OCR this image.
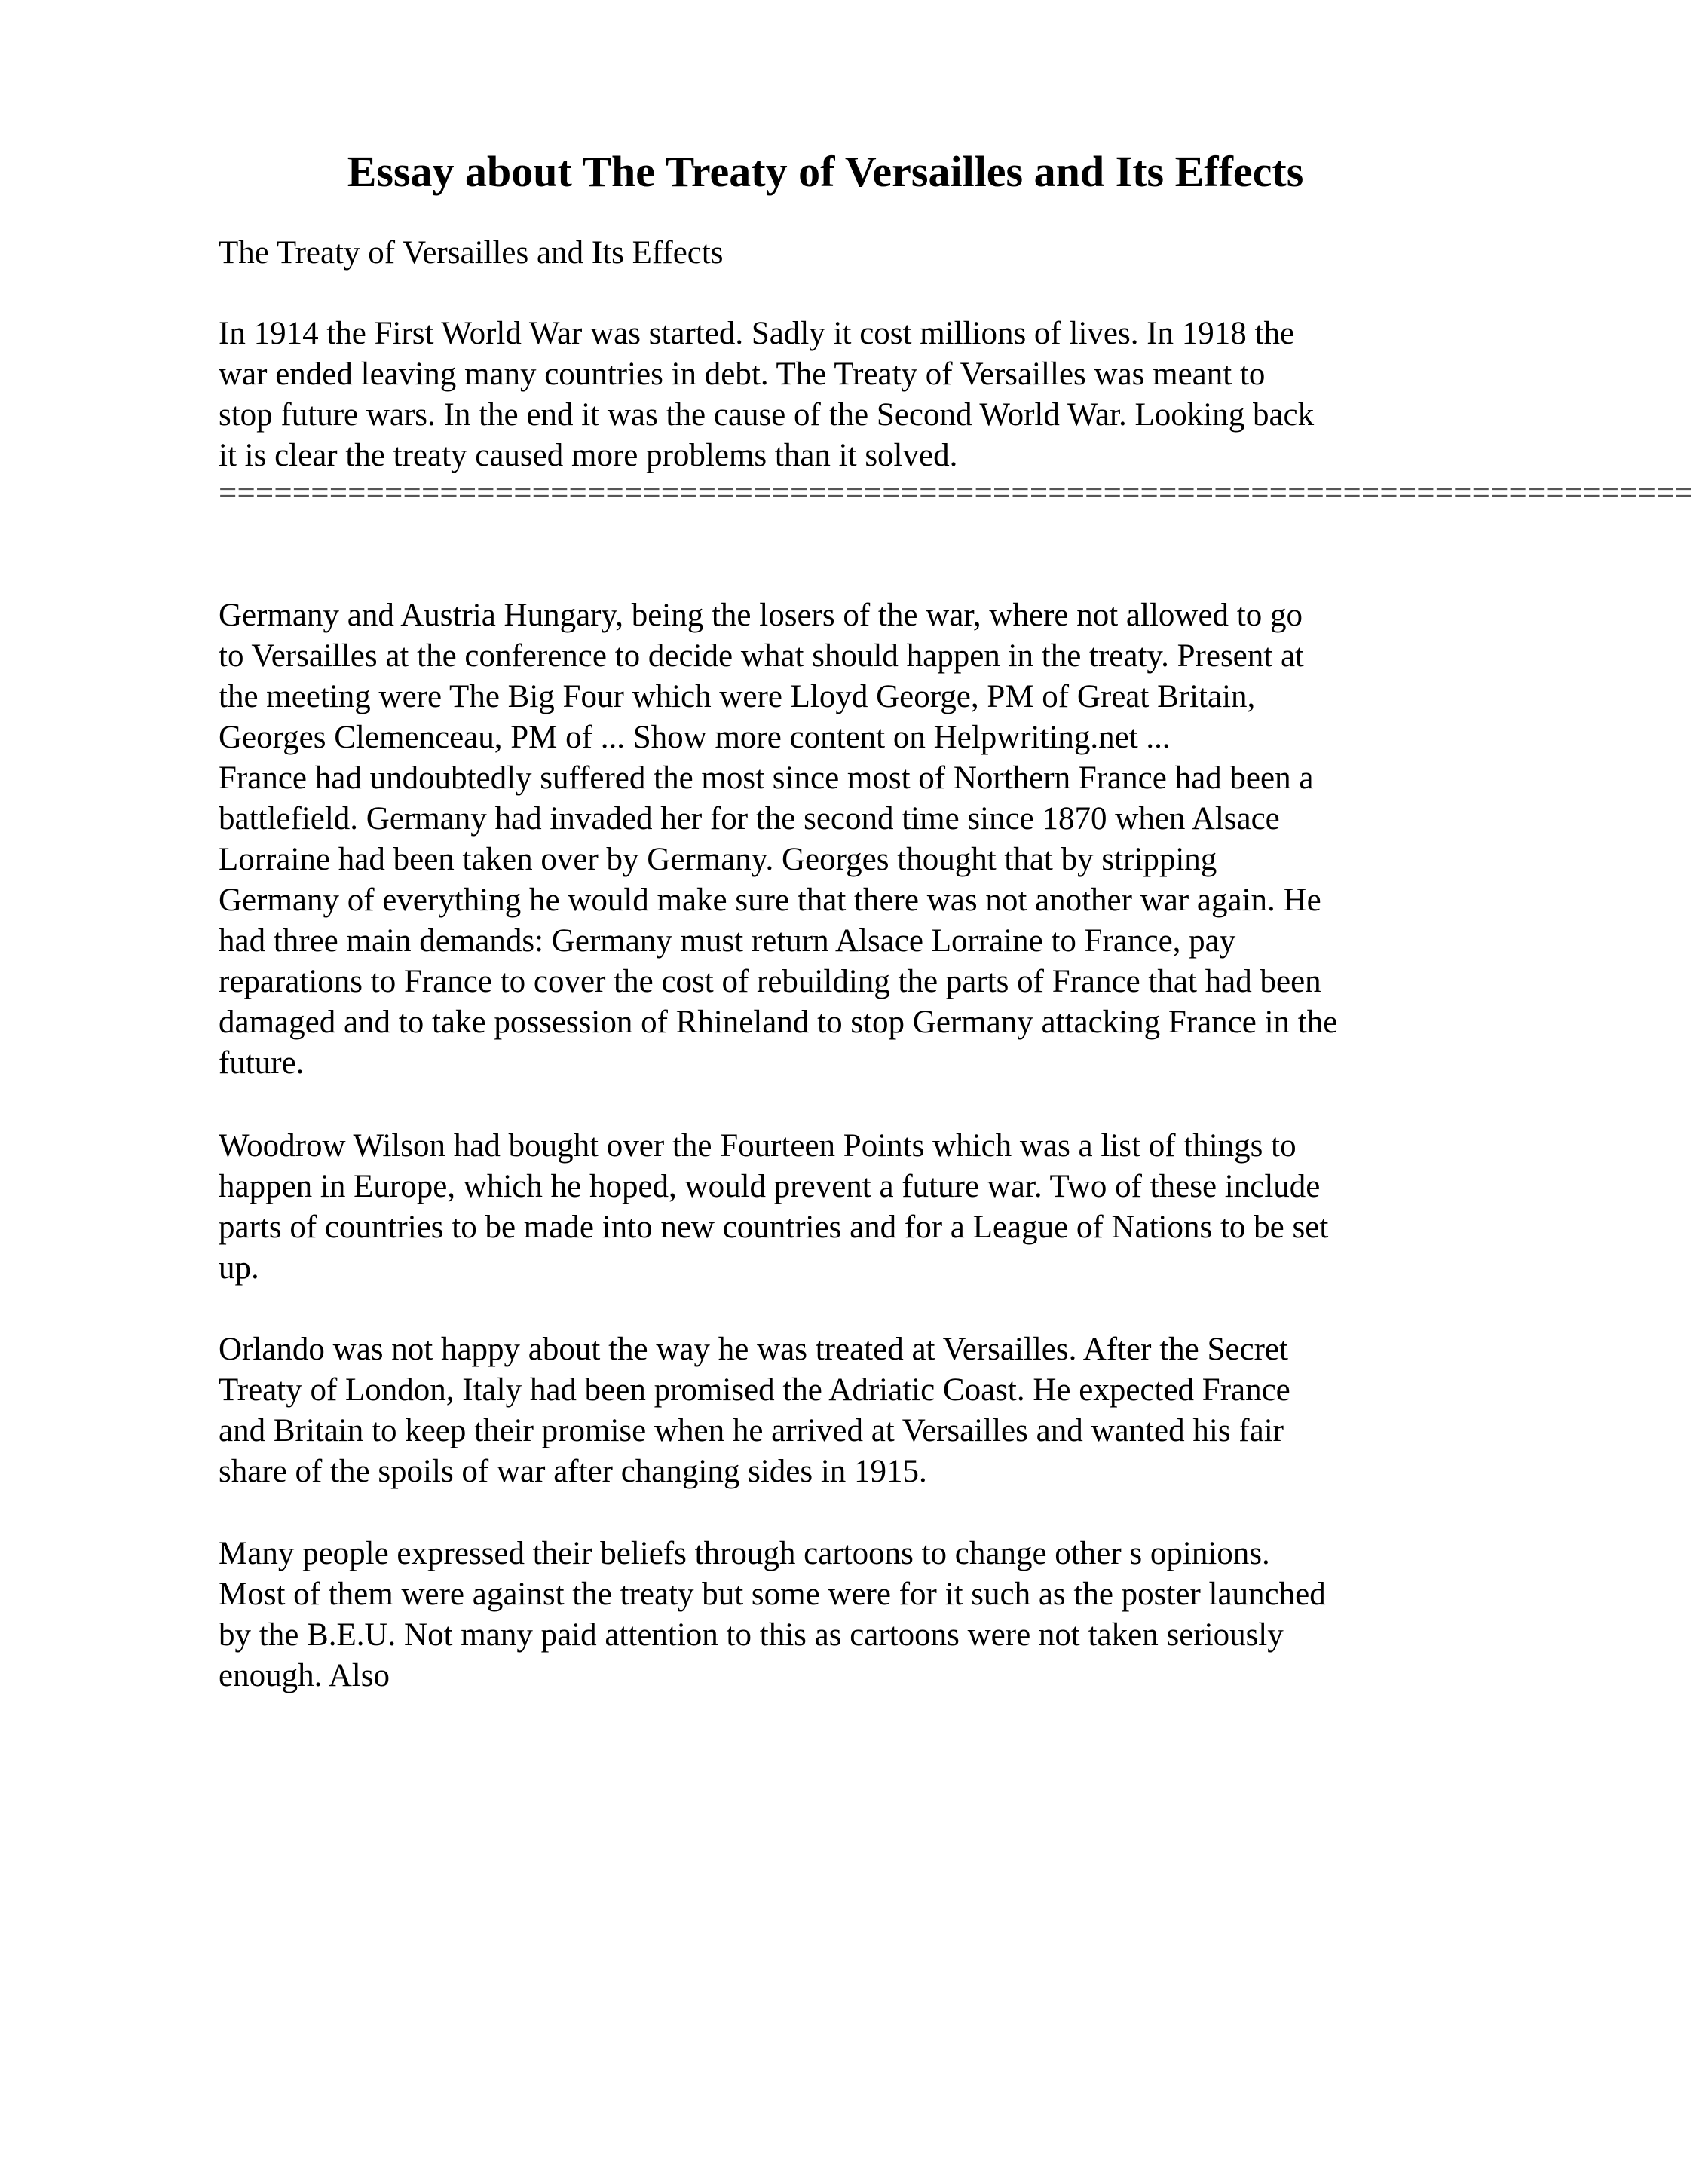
Essay about The Treaty of Versailles and Its Effects

The Treaty of Versailles and Its Effects

In 1914 the First World War was started. Sadly it cost millions of lives. In 1918 the
war ended leaving many countries in debt. The Treaty of Versailles was meant to
stop future wars. In the end it was the cause of the Second World War. Looking back
it is clear the treaty caused more problems than it solved.

================================================================================

Germany and Austria Hungary, being the losers of the war, where not allowed to go
to Versailles at the conference to decide what should happen in the treaty. Present at
the meeting were The Big Four which were Lloyd George, PM of Great Britain,
Georges Clemenceau, PM of ... Show more content on Helpwriting.net ...
France had undoubtedly suffered the most since most of Northern France had been a
battlefield. Germany had invaded her for the second time since 1870 when Alsace
Lorraine had been taken over by Germany. Georges thought that by stripping
Germany of everything he would make sure that there was not another war again. He
had three main demands: Germany must return Alsace Lorraine to France, pay
reparations to France to cover the cost of rebuilding the parts of France that had been
damaged and to take possession of Rhineland to stop Germany attacking France in the
future.

Woodrow Wilson had bought over the Fourteen Points which was a list of things to
happen in Europe, which he hoped, would prevent a future war. Two of these include
parts of countries to be made into new countries and for a League of Nations to be set
up.

Orlando was not happy about the way he was treated at Versailles. After the Secret
Treaty of London, Italy had been promised the Adriatic Coast. He expected France
and Britain to keep their promise when he arrived at Versailles and wanted his fair
share of the spoils of war after changing sides in 1915.

Many people expressed their beliefs through cartoons to change other s opinions.
Most of them were against the treaty but some were for it such as the poster launched
by the B.E.U. Not many paid attention to this as cartoons were not taken seriously
enough. Also
